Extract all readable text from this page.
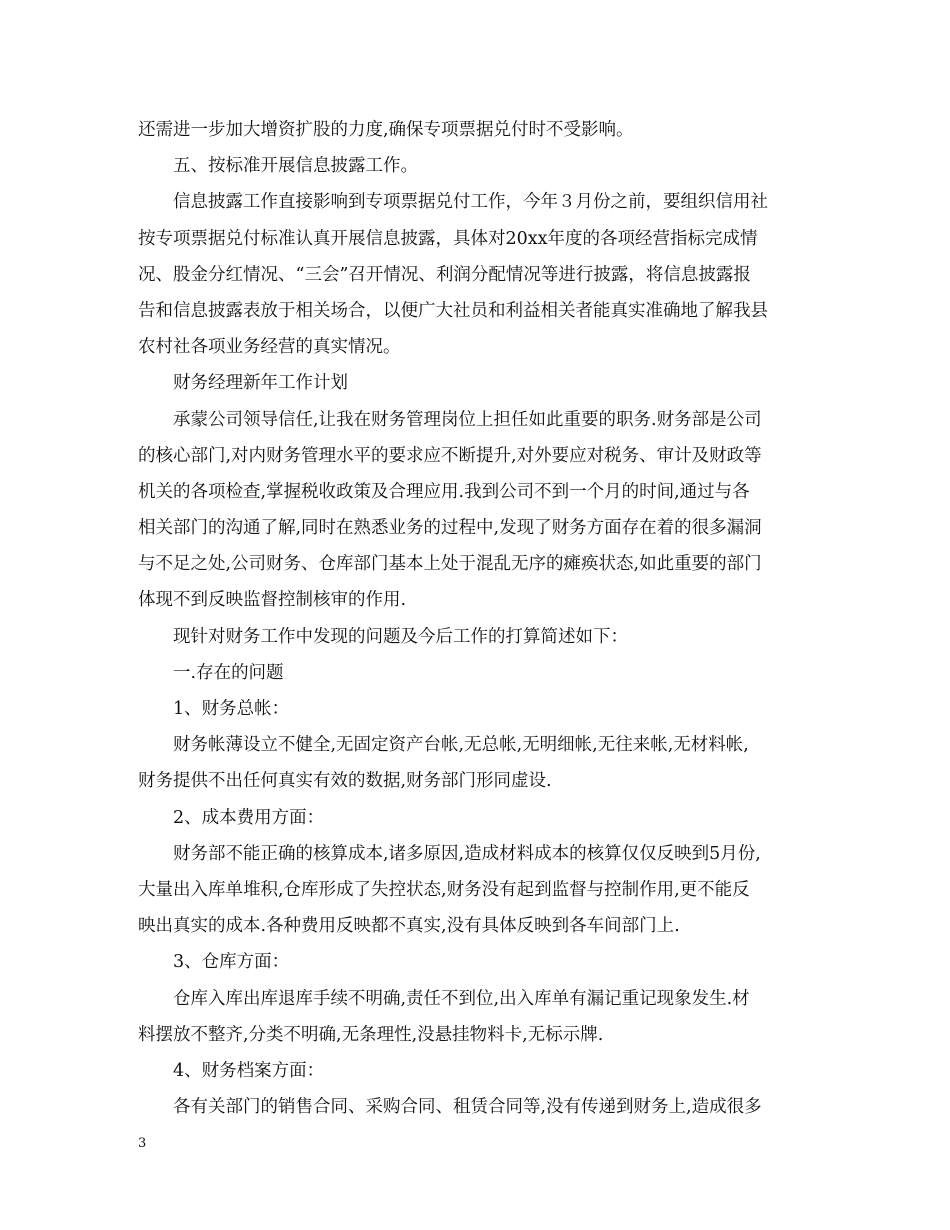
还需进一步加大增资扩股的力度,确保专项票据兑付时不受影响。
五、按标准开展信息披露工作。
信息披露工作直接影响到专项票据兑付工作，今年３月份之前，要组织信用社
按专项票据兑付标准认真开展信息披露，具体对20xx年度的各项经营指标完成情
况、股金分红情况、“三会”召开情况、利润分配情况等进行披露，将信息披露报
告和信息披露表放于相关场合，以便广大社员和利益相关者能真实准确地了解我县
农村社各项业务经营的真实情况。
财务经理新年工作计划
承蒙公司领导信任,让我在财务管理岗位上担任如此重要的职务.财务部是公司
的核心部门,对内财务管理水平的要求应不断提升,对外要应对税务、审计及财政等
机关的各项检查,掌握税收政策及合理应用.我到公司不到一个月的时间,通过与各
相关部门的沟通了解,同时在熟悉业务的过程中,发现了财务方面存在着的很多漏洞
与不足之处,公司财务、仓库部门基本上处于混乱无序的瘫痪状态,如此重要的部门
体现不到反映监督控制核审的作用.
现针对财务工作中发现的问题及今后工作的打算简述如下：
一.存在的问题
1、财务总帐：
财务帐薄设立不健全,无固定资产台帐,无总帐,无明细帐,无往来帐,无材料帐,
财务提供不出任何真实有效的数据,财务部门形同虚设.
2、成本费用方面：
财务部不能正确的核算成本,诸多原因,造成材料成本的核算仅仅反映到5月份,
大量出入库单堆积,仓库形成了失控状态,财务没有起到监督与控制作用,更不能反
映出真实的成本.各种费用反映都不真实,没有具体反映到各车间部门上.
3、仓库方面：
仓库入库出库退库手续不明确,责任不到位,出入库单有漏记重记现象发生.材
料摆放不整齐,分类不明确,无条理性,没悬挂物料卡,无标示牌.
4、财务档案方面：
各有关部门的销售合同、采购合同、租赁合同等,没有传递到财务上,造成很多
3
